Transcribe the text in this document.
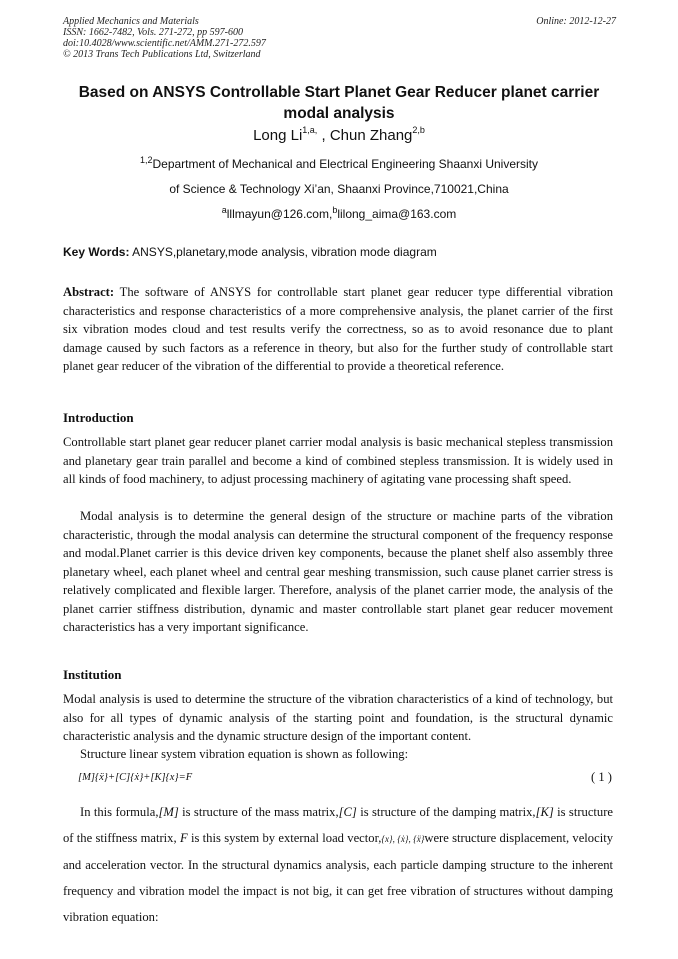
Applied Mechanics and Materials
ISSN: 1662-7482, Vols. 271-272, pp 597-600
doi:10.4028/www.scientific.net/AMM.271-272.597
© 2013 Trans Tech Publications Ltd, Switzerland
Online: 2012-12-27
Based on ANSYS Controllable Start Planet Gear Reducer planet carrier
modal analysis
Long $Li^{1,a,}$ , Chun Zhang$^{2,b}$
$^{1,2}$Department of Mechanical and Electrical Engineering Shaanxi University
of Science & Technology Xi’an, Shaanxi Province,710021,China
$^a$lllmayun@126.com,$^b$lilong_aima@163.com
Key Words: ANSYS,planetary,mode analysis, vibration mode diagram

Abstract: The software of ANSYS for controllable start planet gear reducer type differential vibration characteristics and response characteristics of a more comprehensive analysis, the planet carrier of the first six vibration modes cloud and test results verify the correctness, so as to avoid resonance due to plant damage caused by such factors as a reference in theory, but also for the further study of controllable start planet gear reducer of the vibration of the differential to provide a theoretical reference.

Introduction

Controllable start planet gear reducer planet carrier modal analysis is basic mechanical stepless transmission and planetary gear train parallel and become a kind of combined stepless transmission. It is widely used in all kinds of food machinery, to adjust processing machinery of agitating vane processing shaft speed.

Modal analysis is to determine the general design of the structure or machine parts of the vibration characteristic, through the modal analysis can determine the structural component of the frequency response and modal.Planet carrier is this device driven key components, because the planet shelf also assembly three planetary wheel, each planet wheel and central gear meshing transmission, such cause planet carrier stress is relatively complicated and flexible larger. Therefore, analysis of the planet carrier mode, the analysis of the planet carrier stiffness distribution, dynamic and master controllable start planet gear reducer movement characteristics has a very important significance.

Institution

Modal analysis is used to determine the structure of the vibration characteristics of a kind of technology, but also for all types of dynamic analysis of the starting point and foundation, is the structural dynamic characteristic analysis and the dynamic structure design of the important content.

Structure linear system vibration equation is shown as following:

[M]{ẍ}+[C]{ẋ}+[K]{x}=F	( 1 )

In this formula,[M] is structure of the mass matrix,[C] is structure of the damping matrix,[K] is structure of the stiffness matrix, F is this system by external load vector,{x}, {ẋ}, {ẍ}were structure displacement, velocity and acceleration vector. In the structural dynamics analysis, each particle damping structure to the inherent frequency and vibration model the impact is not big, it can get free vibration of structures without damping vibration equation:
